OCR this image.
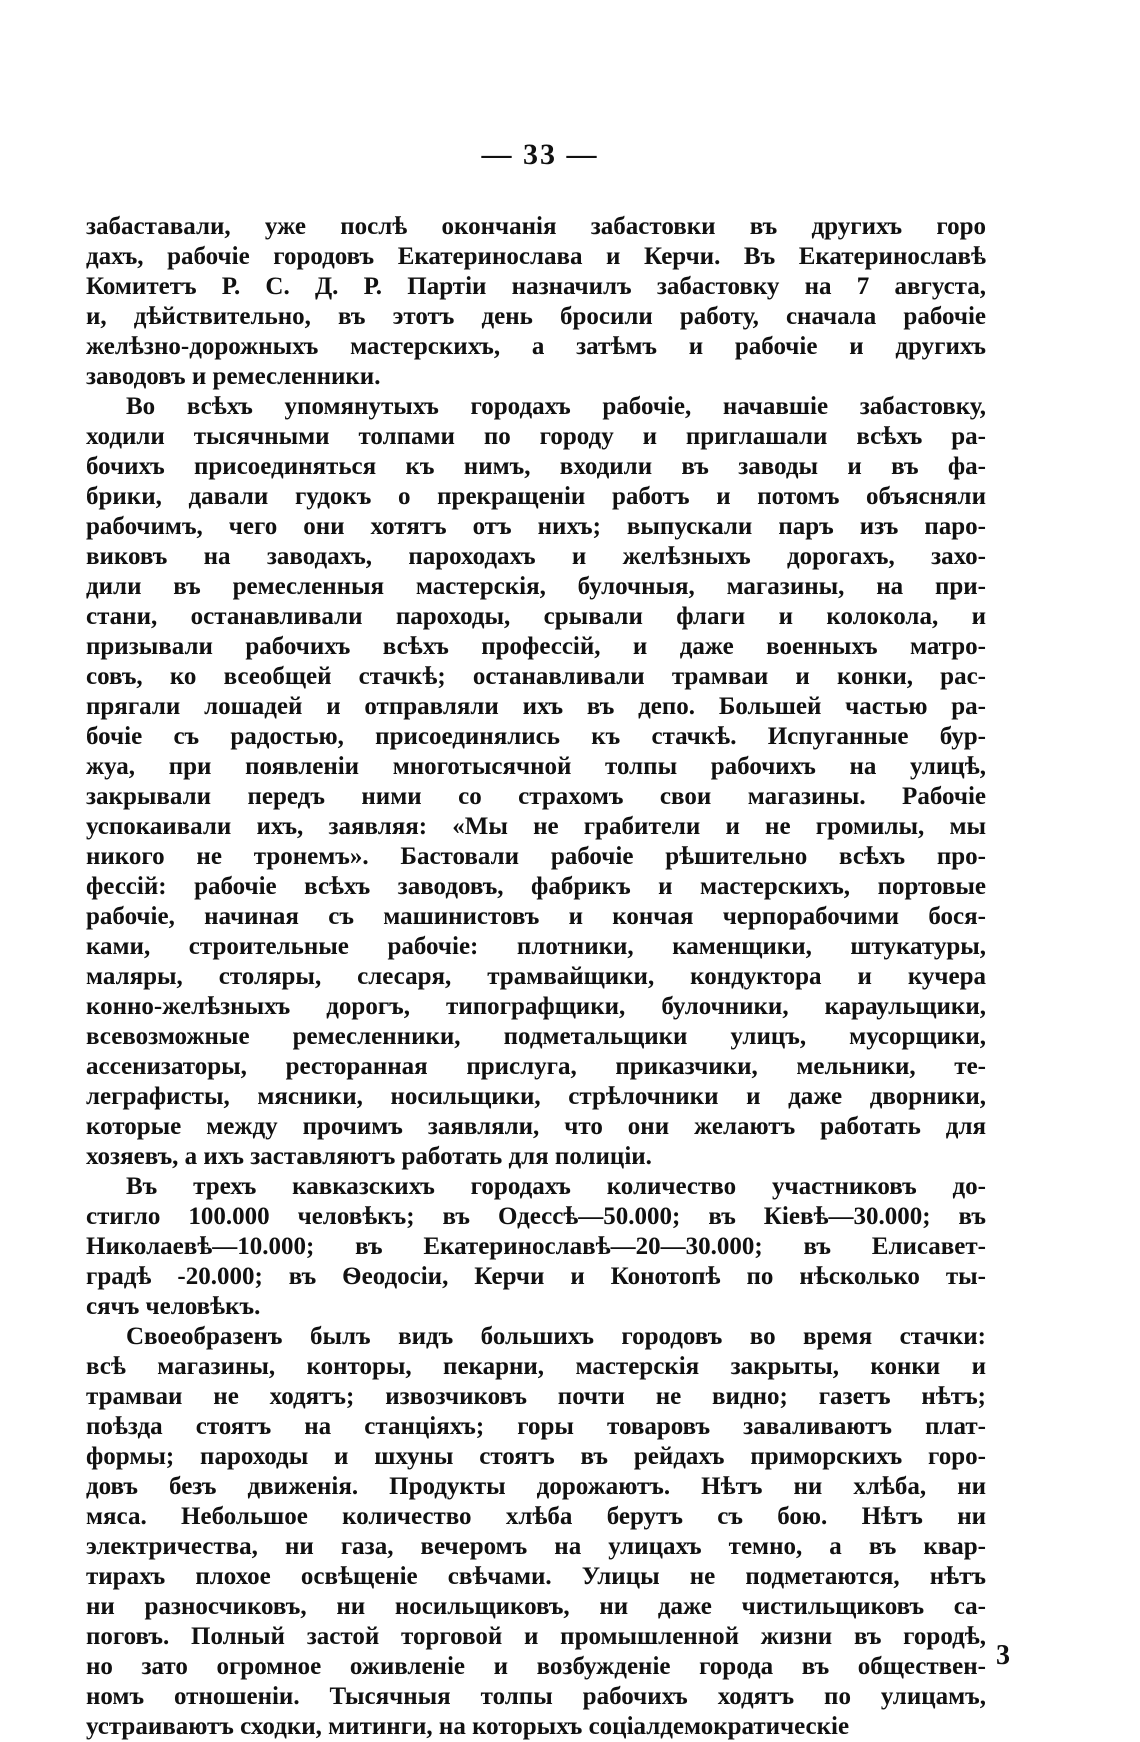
— 33 —
забаставали, уже послѣ окончанія забастовки въ другихъ горо
дахъ, рабочіе городовъ Екатеринослава и Керчи. Въ Екатеринославѣ
Комитетъ Р. С. Д. Р. Партіи назначилъ забастовку на 7 августа,
и, дѣйствительно, въ этотъ день бросили работу, сначала рабочіе
желѣзно-дорожныхъ мастерскихъ, а затѣмъ и рабочіе и другихъ
заводовъ и ремесленники.
Во всѣхъ упомянутыхъ городахъ рабочіе, начавшіе забастовку,
ходили тысячными толпами по городу и приглашали всѣхъ ра-
бочихъ присоединяться къ нимъ, входили въ заводы и въ фа-
брики, давали гудокъ о прекращеніи работъ и потомъ объясняли
рабочимъ, чего они хотятъ отъ нихъ; выпускали паръ изъ паро-
виковъ на заводахъ, пароходахъ и желѣзныхъ дорогахъ, захо-
дили въ ремесленныя мастерскія, булочныя, магазины, на при-
стани, останавливали пароходы, срывали флаги и колокола, и
призывали рабочихъ всѣхъ профессій, и даже военныхъ матро-
совъ, ко всеобщей стачкѣ; останавливали трамваи и конки, рас-
прягали лошадей и отправляли ихъ въ депо. Большей частью ра-
бочіе съ радостью, присоединялись къ стачкѣ. Испуганные бур-
жуа, при появленіи многотысячной толпы рабочихъ на улицѣ,
закрывали передъ ними со страхомъ свои магазины. Рабочіе
успокаивали ихъ, заявляя: «Мы не грабители и не громилы, мы
никого не тронемъ». Бастовали рабочіе рѣшительно всѣхъ про-
фессій: рабочіе всѣхъ заводовъ, фабрикъ и мастерскихъ, портовые
рабочіе, начиная съ машинистовъ и кончая черпорабочими бося-
ками, строительные рабочіе: плотники, каменщики, штукатуры,
маляры, столяры, слесаря, трамвайщики, кондуктора и кучера
конно-желѣзныхъ дорогъ, типографщики, булочники, караульщики,
всевозможные ремесленники, подметальщики улицъ, мусорщики,
ассенизаторы, ресторанная прислуга, приказчики, мельники, те-
леграфисты, мясники, носильщики, стрѣлочники и даже дворники,
которые между прочимъ заявляли, что они желаютъ работать для
хозяевъ, а ихъ заставляютъ работать для полиціи.
Въ трехъ кавказскихъ городахъ количество участниковъ до-
стигло 100.000 человѣкъ; въ Одессѣ—50.000; въ Кіевѣ—30.000; въ
Николаевѣ—10.000; въ Екатеринославѣ—20—30.000; въ Елисавет-
градѣ -20.000; въ Ѳеодосіи, Керчи и Конотопѣ по нѣсколько ты-
сячъ человѣкъ.
Своеобразенъ былъ видъ большихъ городовъ во время стачки:
всѣ магазины, конторы, пекарни, мастерскія закрыты, конки и
трамваи не ходятъ; извозчиковъ почти не видно; газетъ нѣтъ;
поѣзда стоятъ на станціяхъ; горы товаровъ заваливаютъ плат-
формы; пароходы и шхуны стоятъ въ рейдахъ приморскихъ горо-
довъ безъ движенія. Продукты дорожаютъ. Нѣтъ ни хлѣба, ни
мяса. Небольшое количество хлѣба берутъ съ бою. Нѣтъ ни
электричества, ни газа, вечеромъ на улицахъ темно, а въ квар-
тирахъ плохое освѣщеніе свѣчами. Улицы не подметаются, нѣтъ
ни разносчиковъ, ни носильщиковъ, ни даже чистильщиковъ са-
поговъ. Полный застой торговой и промышленной жизни въ городѣ,
но зато огромное оживленіе и возбужденіе города въ обществен-
номъ отношеніи. Тысячныя толпы рабочихъ ходятъ по улицамъ,
устраиваютъ сходки, митинги, на которыхъ соціалдемократическіе
3
